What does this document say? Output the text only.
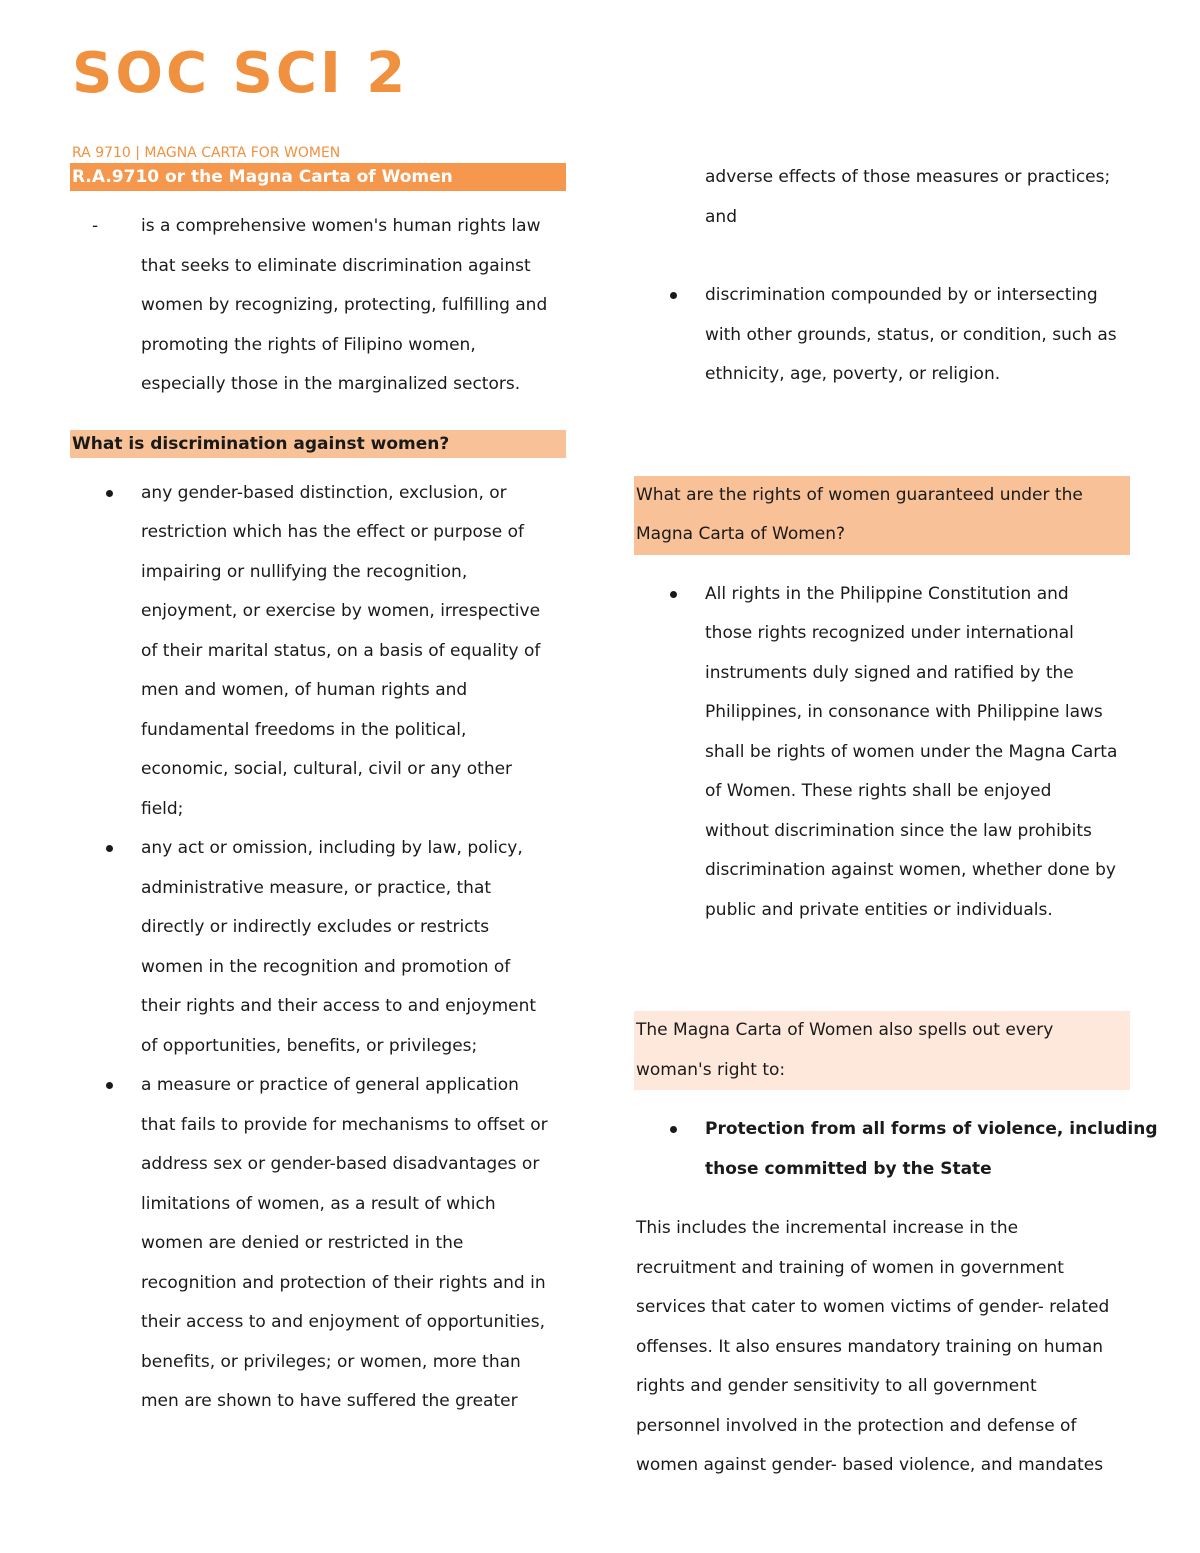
SOC SCI 2
RA 9710 | MAGNA CARTA FOR WOMEN
R.A.9710 or the Magna Carta of Women
-	is a comprehensive women's human rights law
that seeks to eliminate discrimination against
women by recognizing, protecting, fulfilling and
promoting the rights of Filipino women,
especially those in the marginalized sectors.
What is discrimination against women?
any gender-based distinction, exclusion, or
restriction which has the effect or purpose of
impairing or nullifying the recognition,
enjoyment, or exercise by women, irrespective
of their marital status, on a basis of equality of
men and women, of human rights and
fundamental freedoms in the political,
economic, social, cultural, civil or any other
field;
any act or omission, including by law, policy,
administrative measure, or practice, that
directly or indirectly excludes or restricts
women in the recognition and promotion of
their rights and their access to and enjoyment
of opportunities, benefits, or privileges;
a measure or practice of general application
that fails to provide for mechanisms to offset or
address sex or gender-based disadvantages or
limitations of women, as a result of which
women are denied or restricted in the
recognition and protection of their rights and in
their access to and enjoyment of opportunities,
benefits, or privileges; or women, more than
men are shown to have suffered the greater
adverse effects of those measures or practices;
and
discrimination compounded by or intersecting
with other grounds, status, or condition, such as
ethnicity, age, poverty, or religion.
What are the rights of women guaranteed under the
Magna Carta of Women?
All rights in the Philippine Constitution and
those rights recognized under international
instruments duly signed and ratified by the
Philippines, in consonance with Philippine laws
shall be rights of women under the Magna Carta
of Women. These rights shall be enjoyed
without discrimination since the law prohibits
discrimination against women, whether done by
public and private entities or individuals.
The Magna Carta of Women also spells out every
woman's right to:
Protection from all forms of violence, including
those committed by the State
This includes the incremental increase in the
recruitment and training of women in government
services that cater to women victims of gender- related
offenses. It also ensures mandatory training on human
rights and gender sensitivity to all government
personnel involved in the protection and defense of
women against gender- based violence, and mandates
